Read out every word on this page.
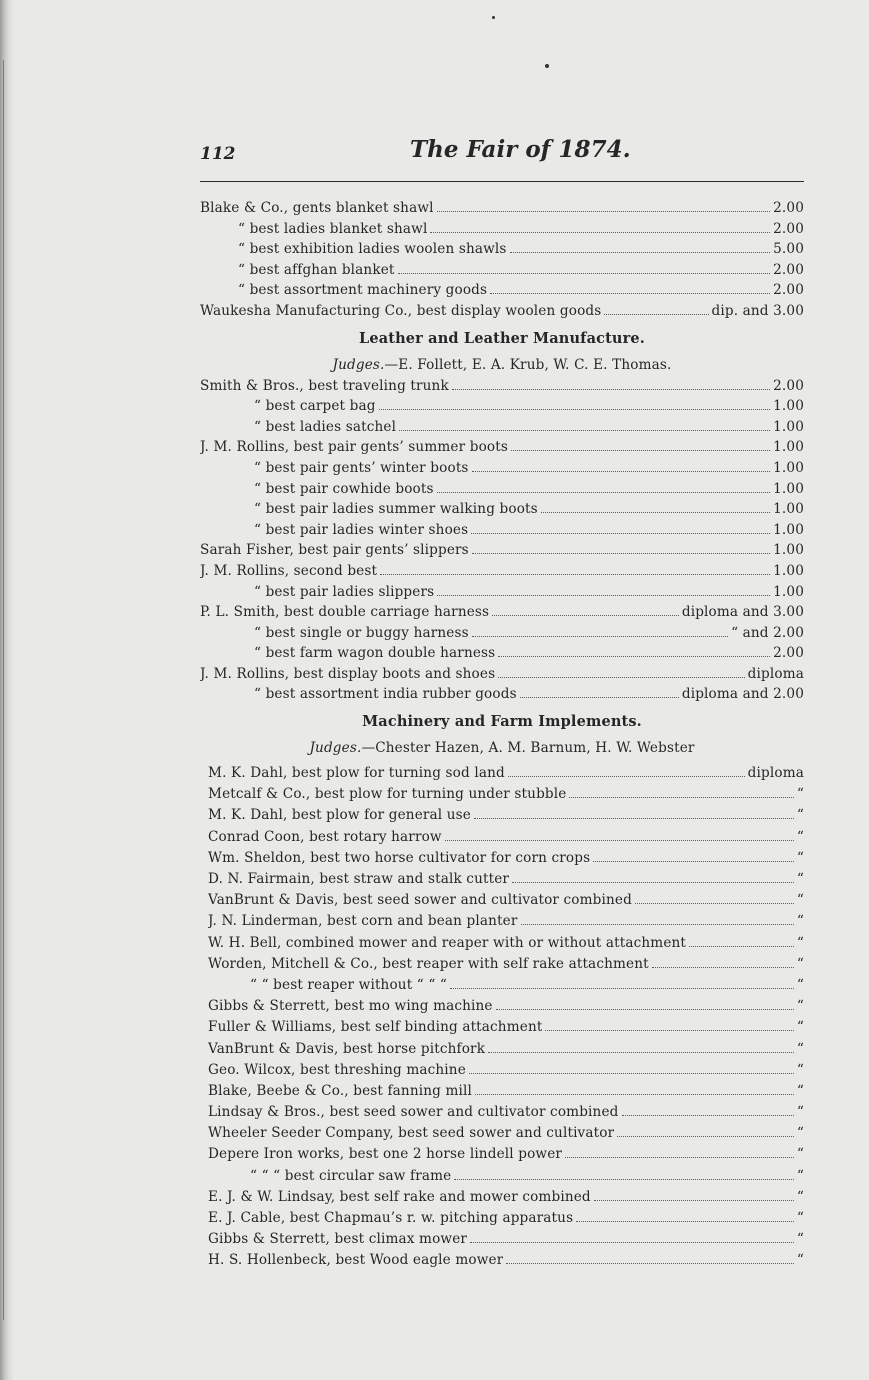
112	The Fair of 1874.
Blake & Co., gents blanket shawl	2.00
“ best ladies blanket shawl	2.00
“ best exhibition ladies woolen shawls	5.00
“ best affghan blanket	2.00
“ best assortment machinery goods	2.00
Waukesha Manufacturing Co., best display woolen goods	dip. and 3.00
Leather and Leather Manufacture.
Judges.—E. Follett, E. A. Krub, W. C. E. Thomas.
Smith & Bros., best traveling trunk	2.00
“ best carpet bag	1.00
“ best ladies satchel	1.00
J. M. Rollins, best pair gents’ summer boots	1.00
“ best pair gents’ winter boots	1.00
“ best pair cowhide boots	1.00
“ best pair ladies summer walking boots	1.00
“ best pair ladies winter shoes	1.00
Sarah Fisher, best pair gents’ slippers	1.00
J. M. Rollins, second best	1.00
“ best pair ladies slippers	1.00
P. L. Smith, best double carriage harness	diploma and 3.00
“ best single or buggy harness	“ and 2.00
“ best farm wagon double harness	2.00
J. M. Rollins, best display boots and shoes	diploma
“ best assortment india rubber goods	diploma and 2.00
Machinery and Farm Implements.
Judges.—Chester Hazen, A. M. Barnum, H. W. Webster
M. K. Dahl, best plow for turning sod land	diploma
Metcalf & Co., best plow for turning under stubble	“
M. K. Dahl, best plow for general use	“
Conrad Coon, best rotary harrow	“
Wm. Sheldon, best two horse cultivator for corn crops	“
D. N. Fairmain, best straw and stalk cutter	“
VanBrunt & Davis, best seed sower and cultivator combined	“
J. N. Linderman, best corn and bean planter	“
W. H. Bell, combined mower and reaper with or without attachment	“
Worden, Mitchell & Co., best reaper with self rake attachment	“
“ “ best reaper without “ “ “	“
Gibbs & Sterrett, best mo wing machine	“
Fuller & Williams, best self binding attachment	“
VanBrunt & Davis, best horse pitchfork	“
Geo. Wilcox, best threshing machine	“
Blake, Beebe & Co., best fanning mill	“
Lindsay & Bros., best seed sower and cultivator combined	“
Wheeler Seeder Company, best seed sower and cultivator	“
Depere Iron works, best one 2 horse lindell power	“
“ “ “ best circular saw frame	“
E. J. & W. Lindsay, best self rake and mower combined	“
E. J. Cable, best Chapmau’s r. w. pitching apparatus	“
Gibbs & Sterrett, best climax mower	“
H. S. Hollenbeck, best Wood eagle mower	“
